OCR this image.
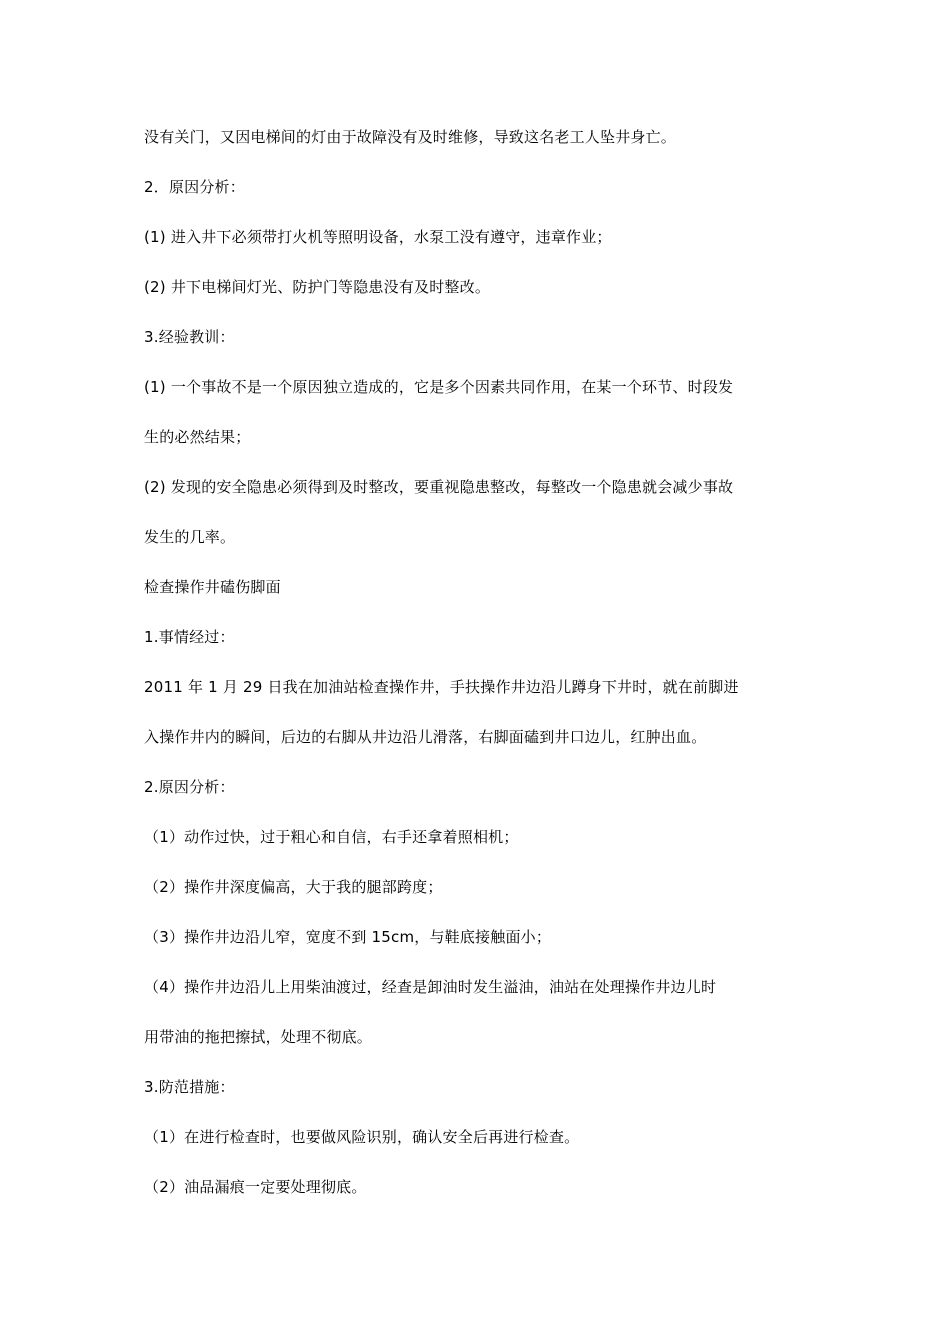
没有关门，又因电梯间的灯由于故障没有及时维修，导致这名老工人坠井身亡。

2．原因分析：

(1) 进入井下必须带打火机等照明设备，水泵工没有遵守，违章作业；

(2) 井下电梯间灯光、防护门等隐患没有及时整改。

3.经验教训：

(1) 一个事故不是一个原因独立造成的，它是多个因素共同作用，在某一个环节、时段发

生的必然结果；

(2) 发现的安全隐患必须得到及时整改，要重视隐患整改，每整改一个隐患就会减少事故

发生的几率。

检查操作井磕伤脚面

1.事情经过：

2011 年 1 月 29 日我在加油站检查操作井，手扶操作井边沿儿蹲身下井时，就在前脚进

入操作井内的瞬间，后边的右脚从井边沿儿滑落，右脚面磕到井口边儿，红肿出血。

2.原因分析：

（1）动作过快，过于粗心和自信，右手还拿着照相机；

（2）操作井深度偏高，大于我的腿部跨度；

（3）操作井边沿儿窄，宽度不到 15cm，与鞋底接触面小；

（4）操作井边沿儿上用柴油渡过，经查是卸油时发生溢油，油站在处理操作井边儿时

用带油的拖把擦拭，处理不彻底。

3.防范措施：

（1）在进行检查时，也要做风险识别，确认安全后再进行检查。

（2）油品漏痕一定要处理彻底。
